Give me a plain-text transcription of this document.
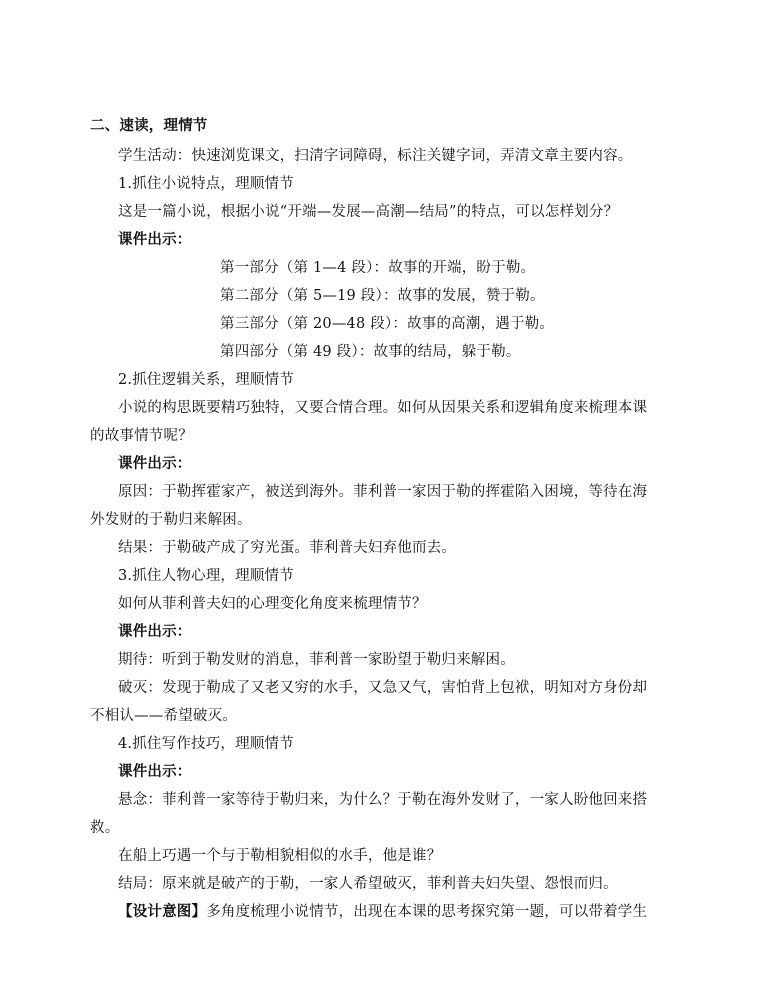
二、速读，理情节
学生活动：快速浏览课文，扫清字词障碍，标注关键字词，弄清文章主要内容。
1.抓住小说特点，理顺情节
这是一篇小说，根据小说“开端—发展—高潮—结局”的特点，可以怎样划分？
课件出示：
第一部分（第 1—4 段）：故事的开端，盼于勒。
第二部分（第 5—19 段）：故事的发展，赞于勒。
第三部分（第 20—48 段）：故事的高潮，遇于勒。
第四部分（第 49 段）：故事的结局，躲于勒。
2.抓住逻辑关系，理顺情节
小说的构思既要精巧独特，又要合情合理。如何从因果关系和逻辑角度来梳理本课
的故事情节呢？
课件出示：
原因：于勒挥霍家产，被送到海外。菲利普一家因于勒的挥霍陷入困境，等待在海
外发财的于勒归来解困。
结果：于勒破产成了穷光蛋。菲利普夫妇弃他而去。
3.抓住人物心理，理顺情节
如何从菲利普夫妇的心理变化角度来梳理情节？
课件出示：
期待：听到于勒发财的消息，菲利普一家盼望于勒归来解困。
破灭：发现于勒成了又老又穷的水手，又急又气，害怕背上包袱，明知对方身份却
不相认——希望破灭。
4.抓住写作技巧，理顺情节
课件出示：
悬念：菲利普一家等待于勒归来，为什么？于勒在海外发财了，一家人盼他回来搭
救。
在船上巧遇一个与于勒相貌相似的水手，他是谁？
结局：原来就是破产的于勒，一家人希望破灭，菲利普夫妇失望、怨恨而归。
【设计意图】多角度梳理小说情节，出现在本课的思考探究第一题，可以带着学生
